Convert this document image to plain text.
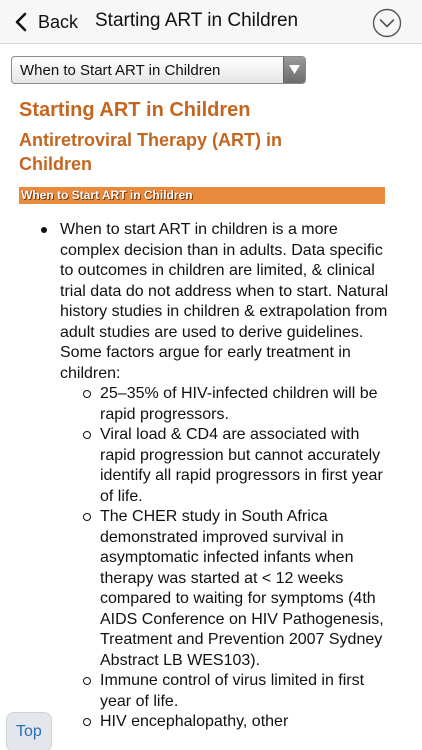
Back Starting ART in Children
When to Start ART in Children
Starting ART in Children
Antiretroviral Therapy (ART) in Children
When to Start ART in Children
When to start ART in children is a more complex decision than in adults. Data specific to outcomes in children are limited, & clinical trial data do not address when to start. Natural history studies in children & extrapolation from adult studies are used to derive guidelines. Some factors argue for early treatment in children:
25–35% of HIV-infected children will be rapid progressors.
Viral load & CD4 are associated with rapid progression but cannot accurately identify all rapid progressors in first year of life.
The CHER study in South Africa demonstrated improved survival in asymptomatic infected infants when therapy was started at < 12 weeks compared to waiting for symptoms (4th AIDS Conference on HIV Pathogenesis, Treatment and Prevention 2007 Sydney Abstract LB WES103).
Immune control of virus limited in first year of life.
HIV encephalopathy, other
Top
